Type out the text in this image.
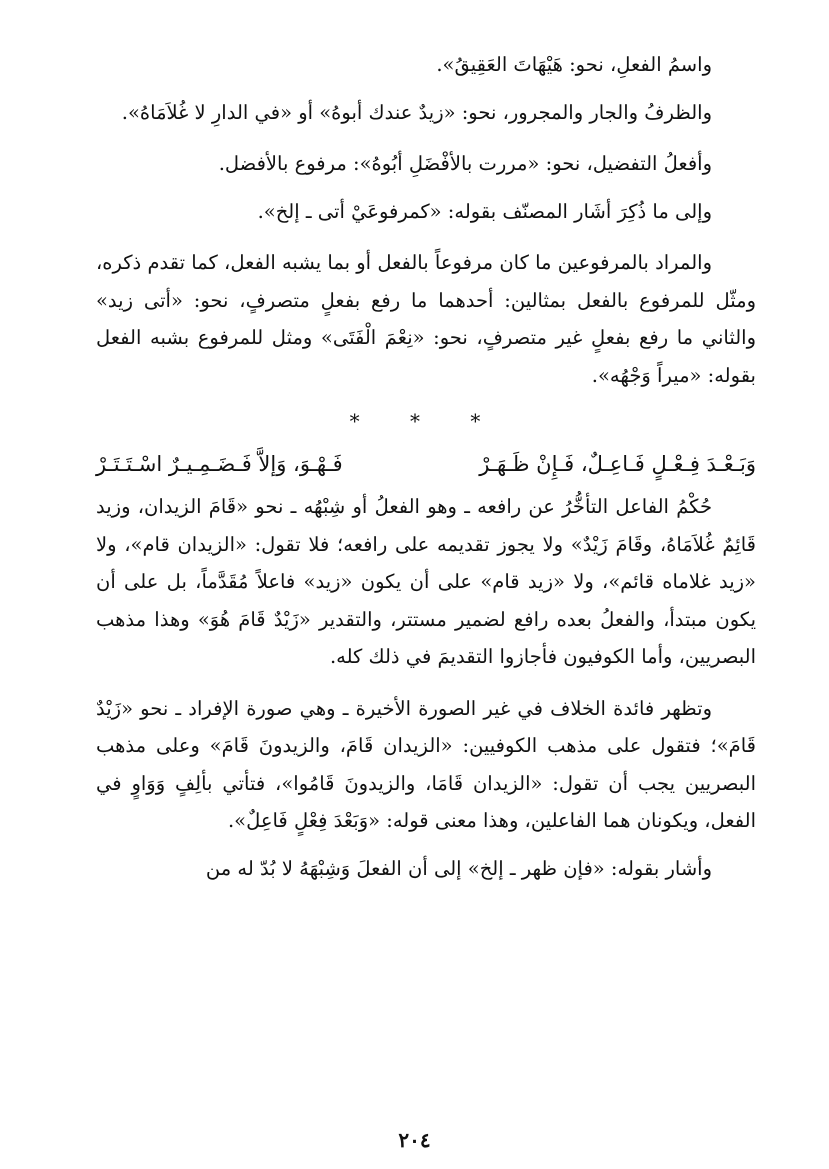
واسمُ الفعلِ، نحو: هَيْهَاتَ العَقِيقُ».

والظرفُ والجار والمجرور، نحو: «زيدٌ عندك أبوهُ» أو «في الدارِ لا غُلاَمَاهُ».

وأفعلُ التفضيل، نحو: «مررت بالأفْضَلِ أبُوهُ»: مرفوع بالأفضل.

وإلى ما ذُكِرَ أشَار المصنّف بقوله: «كمرفوعَيْ أتى ـ إلخ».

والمراد بالمرفوعين ما كان مرفوعاً بالفعل أو بما يشبه الفعل، كما تقدم ذكره، ومثّل للمرفوع بالفعل بمثالين: أحدهما ما رفع بفعلٍ متصرفٍ، نحو: «أتى زيد» والثاني ما رفع بفعلٍ غير متصرفٍ، نحو: «نِعْمَ الْفَتَى» ومثل للمرفوع بشبه الفعل بقوله: «ميراً وَجْهُه».

* * *
وَبَـعْـدَ فِـعْـلٍ فَـاعِـلٌ، فَـإِنْ ظَـهَـرْ
فَـهْـوَ، وَإلاَّ فَـضَـمِـيـرٌ اسْـتَـتَـرْ

حُكْمُ الفاعل التأخُّرُ عن رافعه ـ وهو الفعلُ أو شِبْهُه ـ نحو «قَامَ الزيدان، وزيد قَائِمٌ غُلاَمَاهُ، وقَامَ زَيْدٌ» ولا يجوز تقديمه على رافعه؛ فلا تقول: «الزيدان قام»، ولا «زيد غلاماه قائم»، ولا «زيد قام» على أن يكون «زيد» فاعلاً مُقَدَّماً، بل على أن يكون مبتدأ، والفعلُ بعده رافع لضمير مستتر، والتقدير «زَيْدٌ قَامَ هُوَ» وهذا مذهب البصريين، وأما الكوفيون فأجازوا التقديمَ في ذلك كله.

وتظهر فائدة الخلاف في غير الصورة الأخيرة ـ وهي صورة الإفراد ـ نحو «زَيْدٌ قَامَ»؛ فتقول على مذهب الكوفيين: «الزيدان قَامَ، والزيدونَ قَامَ» وعلى مذهب البصريين يجب أن تقول: «الزيدان قَامَا، والزيدونَ قَامُوا»، فتأتي بألِفٍ وَوَاوٍ في الفعل، ويكونان هما الفاعلين، وهذا معنى قوله: «وَبَعْدَ فِعْلٍ فَاعِلٌ».

وأشار بقوله: «فإن ظهر ـ إلخ» إلى أن الفعلَ وَشِبْهَهُ لا بُدّ له من

٢٠٤
